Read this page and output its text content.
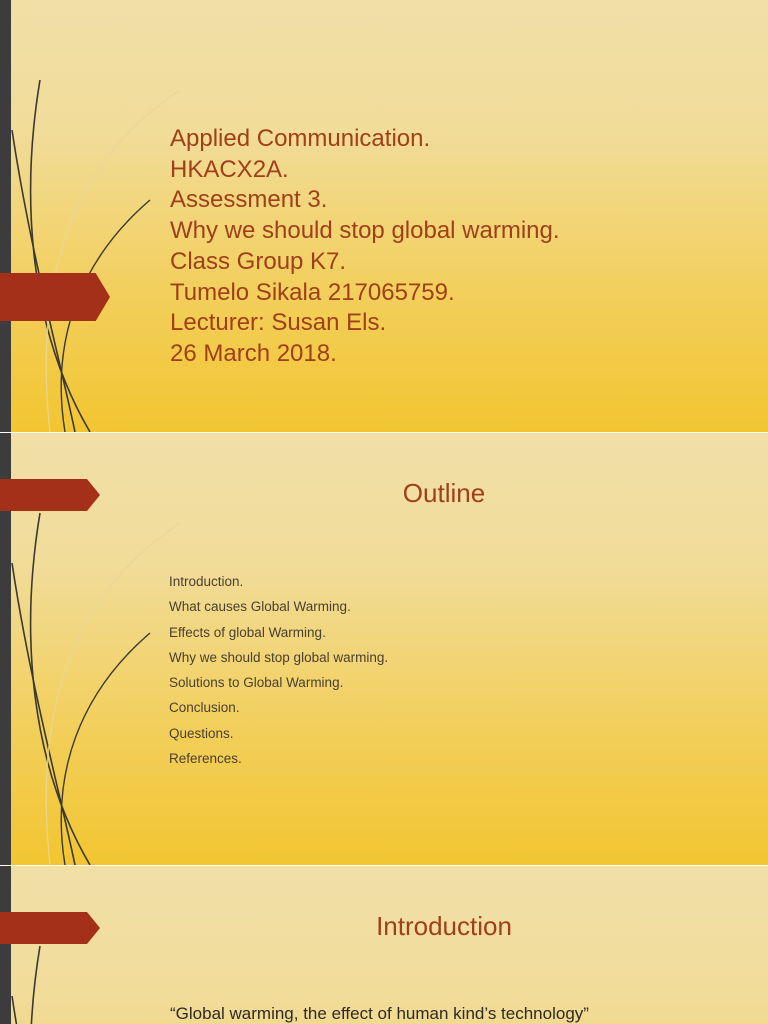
Applied Communication.
HKACX2A.
Assessment 3.
Why we should stop global warming.
Class Group K7.
Tumelo Sikala 217065759.
Lecturer: Susan Els.
26 March 2018.
Outline
Introduction.
What causes Global Warming.
Effects of global Warming.
Why we should stop global warming.
Solutions to Global Warming.
Conclusion.
Questions.
References.
Introduction
“Global warming, the effect of human kind’s technology”
